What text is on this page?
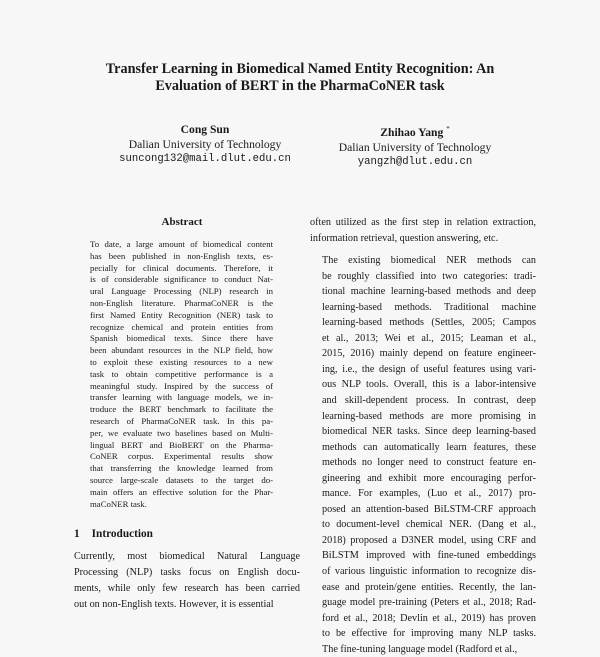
Transfer Learning in Biomedical Named Entity Recognition: An
Evaluation of BERT in the PharmaCoNER task
Cong Sun
Dalian University of Technology
suncong132@mail.dlut.edu.cn
Zhihao Yang *
Dalian University of Technology
yangzh@dlut.edu.cn
Abstract
To date, a large amount of biomedical content
has been published in non-English texts, es-
pecially for clinical documents. Therefore, it
is of considerable significance to conduct Nat-
ural Language Processing (NLP) research in
non-English literature. PharmaCoNER is the
first Named Entity Recognition (NER) task to
recognize chemical and protein entities from
Spanish biomedical texts. Since there have
been abundant resources in the NLP field, how
to exploit these existing resources to a new
task to obtain competitive performance is a
meaningful study. Inspired by the success of
transfer learning with language models, we in-
troduce the BERT benchmark to facilitate the
research of PharmaCoNER task. In this pa-
per, we evaluate two baselines based on Multi-
lingual BERT and BioBERT on the Pharma-
CoNER corpus. Experimental results show
that transferring the knowledge learned from
source large-scale datasets to the target do-
main offers an effective solution for the Phar-
maCoNER task.
1 Introduction
Currently, most biomedical Natural Language
Processing (NLP) tasks focus on English docu-
ments, while only few research has been carried
out on non-English texts. However, it is essential

often utilized as the first step in relation extraction,
information retrieval, question answering, etc.

The existing biomedical NER methods can
be roughly classified into two categories: tradi-
tional machine learning-based methods and deep
learning-based methods. Traditional machine
learning-based methods (Settles, 2005; Campos
et al., 2013; Wei et al., 2015; Leaman et al.,
2015, 2016) mainly depend on feature engineer-
ing, i.e., the design of useful features using vari-
ous NLP tools. Overall, this is a labor-intensive
and skill-dependent process. In contrast, deep
learning-based methods are more promising in
biomedical NER tasks. Since deep learning-based
methods can automatically learn features, these
methods no longer need to construct feature en-
gineering and exhibit more encouraging perfor-
mance. For examples, (Luo et al., 2017) pro-
posed an attention-based BiLSTM-CRF approach
to document-level chemical NER. (Dang et al.,
2018) proposed a D3NER model, using CRF and
BiLSTM improved with fine-tuned embeddings
of various linguistic information to recognize dis-
ease and protein/gene entities. Recently, the lan-
guage model pre-training (Peters et al., 2018; Rad-
ford et al., 2018; Devlin et al., 2019) has proven
to be effective for improving many NLP tasks.
The fine-tuning language model (Radford et al.,
